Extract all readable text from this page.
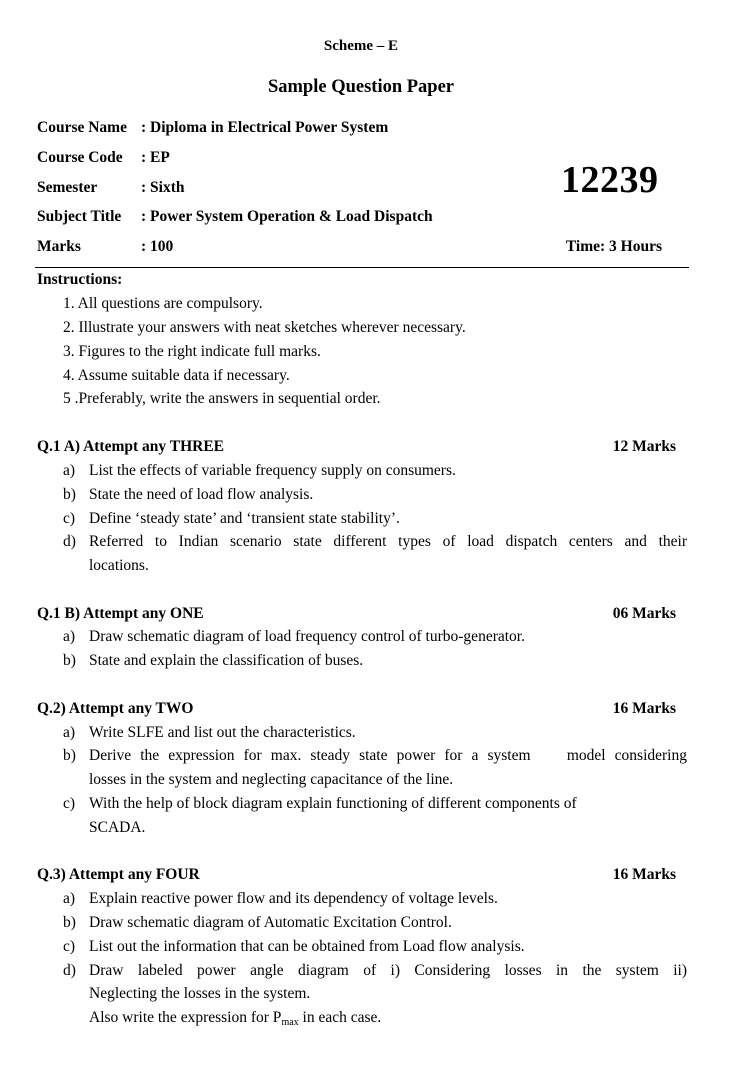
Scheme – E
Sample Question Paper
Course Name : Diploma in Electrical Power System
Course Code : EP
Semester	: Sixth
Subject Title : Power System Operation & Load Dispatch
Marks	: 100
12239
Time: 3 Hours
Instructions:
1. All questions are compulsory.
2. Illustrate your answers with neat sketches wherever necessary.
3. Figures to the right indicate full marks.
4. Assume suitable data if necessary.
5 .Preferably, write the answers in sequential order.
Q.1 A) Attempt any THREE	12 Marks
a) List the effects of variable frequency supply on consumers.
b) State the need of load flow analysis.
c) Define ‘steady state’ and ‘transient state stability’.
d) Referred to Indian scenario state different types of load dispatch centers and their
locations.
Q.1 B) Attempt any ONE	06 Marks
a) Draw schematic diagram of load frequency control of turbo-generator.
b) State and explain the classification of buses.
Q.2) Attempt any TWO	16 Marks
a) Write SLFE and list out the characteristics.
b) Derive the expression for max. steady state power for a system    model considering
losses in the system and neglecting capacitance of the line.
c) With the help of block diagram explain functioning of different components of
SCADA.
Q.3) Attempt any FOUR	16 Marks
a) Explain reactive power flow and its dependency of voltage levels.
b) Draw schematic diagram of Automatic Excitation Control.
c) List out the information that can be obtained from Load flow analysis.
d) Draw labeled power angle diagram of i) Considering losses in the system ii)
Neglecting the losses in the system.
Also write the expression for $P_{max}$ in each case.
